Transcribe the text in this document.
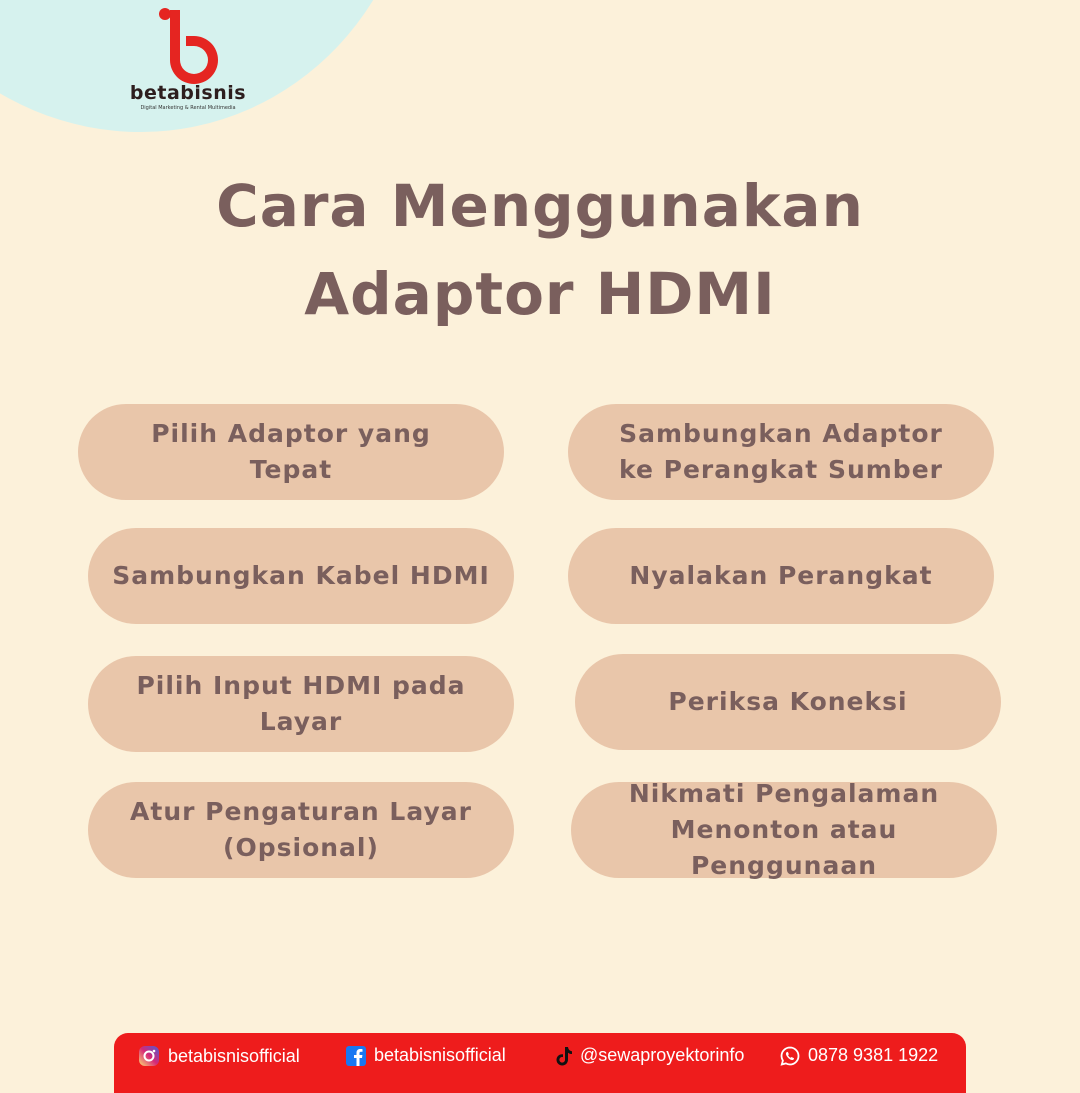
betabisnis
Digital Marketing & Rental Multimedia
Cara Menggunakan
Adaptor HDMI
Pilih Adaptor yang
Tepat
Sambungkan Adaptor
ke Perangkat Sumber
Sambungkan Kabel HDMI	Nyalakan Perangkat
Pilih Input HDMI pada Layar
Periksa Koneksi
Atur Pengaturan Layar
(Opsional)
Nikmati Pengalaman
Menonton atau Penggunaan
betabisnisofficial	betabisnisofficial	@sewaproyektorinfo	0878 9381 1922
